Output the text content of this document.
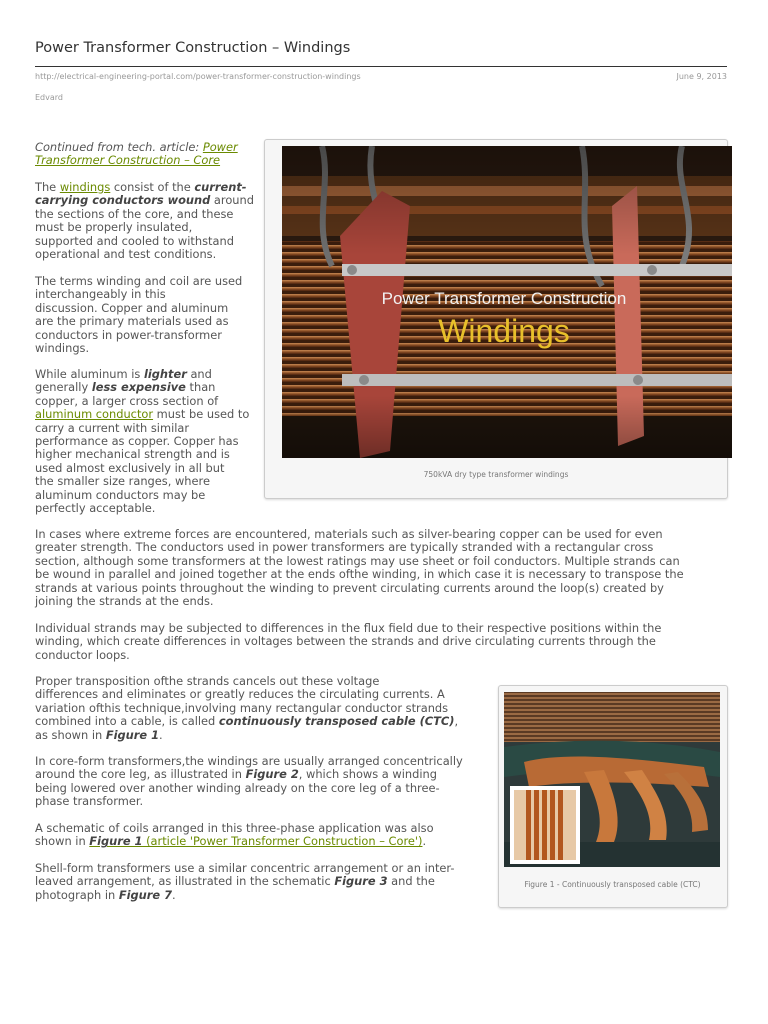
Power Transformer Construction – Windings
http://electrical-engineering-portal.com/power-transformer-construction-windings	June 9, 2013
Edvard

Continued from tech. article: Power
Transformer Construction – Core

The windings consist of the current-
carrying conductors wound around
the sections of the core, and these
must be properly insulated,
supported and cooled to withstand
operational and test conditions.

The terms winding and coil are used
interchangeably in this
discussion. Copper and aluminum
are the primary materials used as
conductors in power-transformer
windings.

While aluminum is lighter and
generally less expensive than
copper, a larger cross section of
aluminum conductor must be used to
carry a current with similar
performance as copper. Copper has
higher mechanical strength and is
used almost exclusively in all but
the smaller size ranges, where
aluminum conductors may be
perfectly acceptable.

Power Transformer Construction
Windings
750kVA dry type transformer windings

In cases where extreme forces are encountered, materials such as silver-bearing copper can be used for even
greater strength. The conductors used in power transformers are typically stranded with a rectangular cross
section, although some transformers at the lowest ratings may use sheet or foil conductors. Multiple strands can
be wound in parallel and joined together at the ends ofthe winding, in which case it is necessary to transpose the
strands at various points throughout the winding to prevent circulating currents around the loop(s) created by
joining the strands at the ends.

Individual strands may be subjected to differences in the flux field due to their respective positions within the
winding, which create differences in voltages between the strands and drive circulating currents through the
conductor loops.

Proper transposition ofthe strands cancels out these voltage
differences and eliminates or greatly reduces the circulating currents. A
variation ofthis technique,involving many rectangular conductor strands
combined into a cable, is called continuously transposed cable (CTC),
as shown in Figure 1.

In core-form transformers,the windings are usually arranged concentrically
around the core leg, as illustrated in Figure 2, which shows a winding
being lowered over another winding already on the core leg of a three-
phase transformer.

A schematic of coils arranged in this three-phase application was also
shown in Figure 1 (article 'Power Transformer Construction – Core').

Shell-form transformers use a similar concentric arrangement or an inter-
leaved arrangement, as illustrated in the schematic Figure 3 and the
photograph in Figure 7.

Figure 1 - Continuously transposed cable (CTC)
